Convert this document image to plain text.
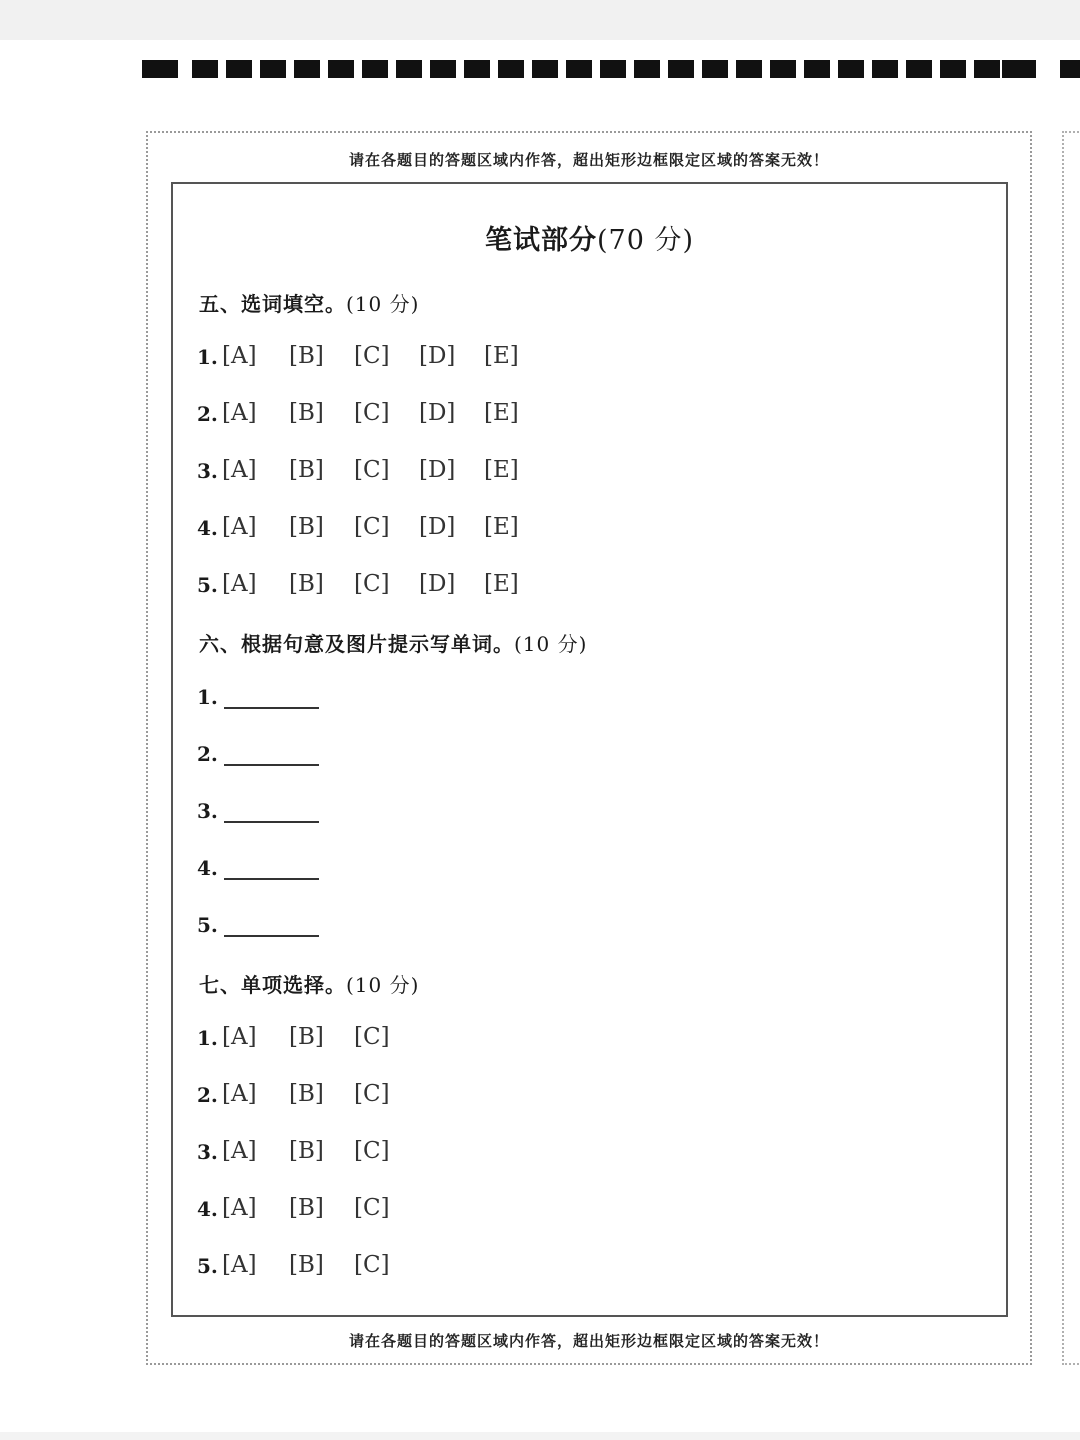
请在各题目的答题区域内作答，超出矩形边框限定区域的答案无效！
笔试部分(70 分)
五、选词填空。(10 分)
1. [A] [B] [C] [D] [E]
2. [A] [B] [C] [D] [E]
3. [A] [B] [C] [D] [E]
4. [A] [B] [C] [D] [E]
5. [A] [B] [C] [D] [E]
六、根据句意及图片提示写单词。(10 分)
1.
2.
3.
4.
5.
七、单项选择。(10 分)
1. [A] [B] [C]
2. [A] [B] [C]
3. [A] [B] [C]
4. [A] [B] [C]
5. [A] [B] [C]
请在各题目的答题区域内作答，超出矩形边框限定区域的答案无效！
